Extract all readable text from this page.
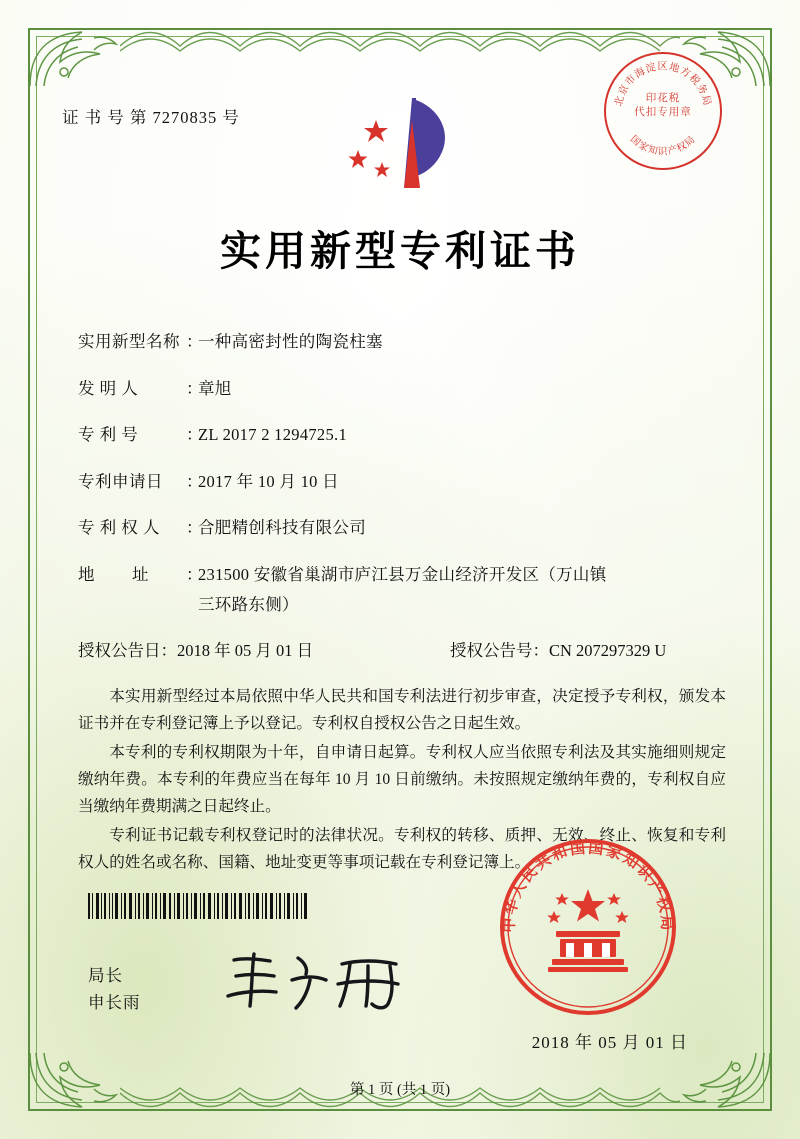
证 书 号 第 7270835 号
北京市海淀区地方税务局
国家知识产权局
印花税
代扣专用章
实用新型专利证书
实用新型名称 ：
一种高密封性的陶瓷柱塞
发 明 人	：
章旭
专 利 号	：
ZL 2017 2 1294725.1
专利申请日	：
2017 年 10 月 10 日
专 利 权 人	：
合肥精创科技有限公司
地        址	：
231500 安徽省巢湖市庐江县万金山经济开发区（万山镇
三环路东侧）
授权公告日：2018 年 05 月 01 日	授权公告号：CN 207297329 U

本实用新型经过本局依照中华人民共和国专利法进行初步审查，决定授予专利权，颁发本证书并在专利登记簿上予以登记。专利权自授权公告之日起生效。

本专利的专利权期限为十年，自申请日起算。专利权人应当依照专利法及其实施细则规定缴纳年费。本专利的年费应当在每年 10 月 10 日前缴纳。未按照规定缴纳年费的，专利权自应当缴纳年费期满之日起终止。

专利证书记载专利权登记时的法律状况。专利权的转移、质押、无效、终止、恢复和专利权人的姓名或名称、国籍、地址变更等事项记载在专利登记簿上。

局长
申长雨
中华人民共和国国家知识产权局
2018 年 05 月 01 日
第 1 页 (共 1 页)
